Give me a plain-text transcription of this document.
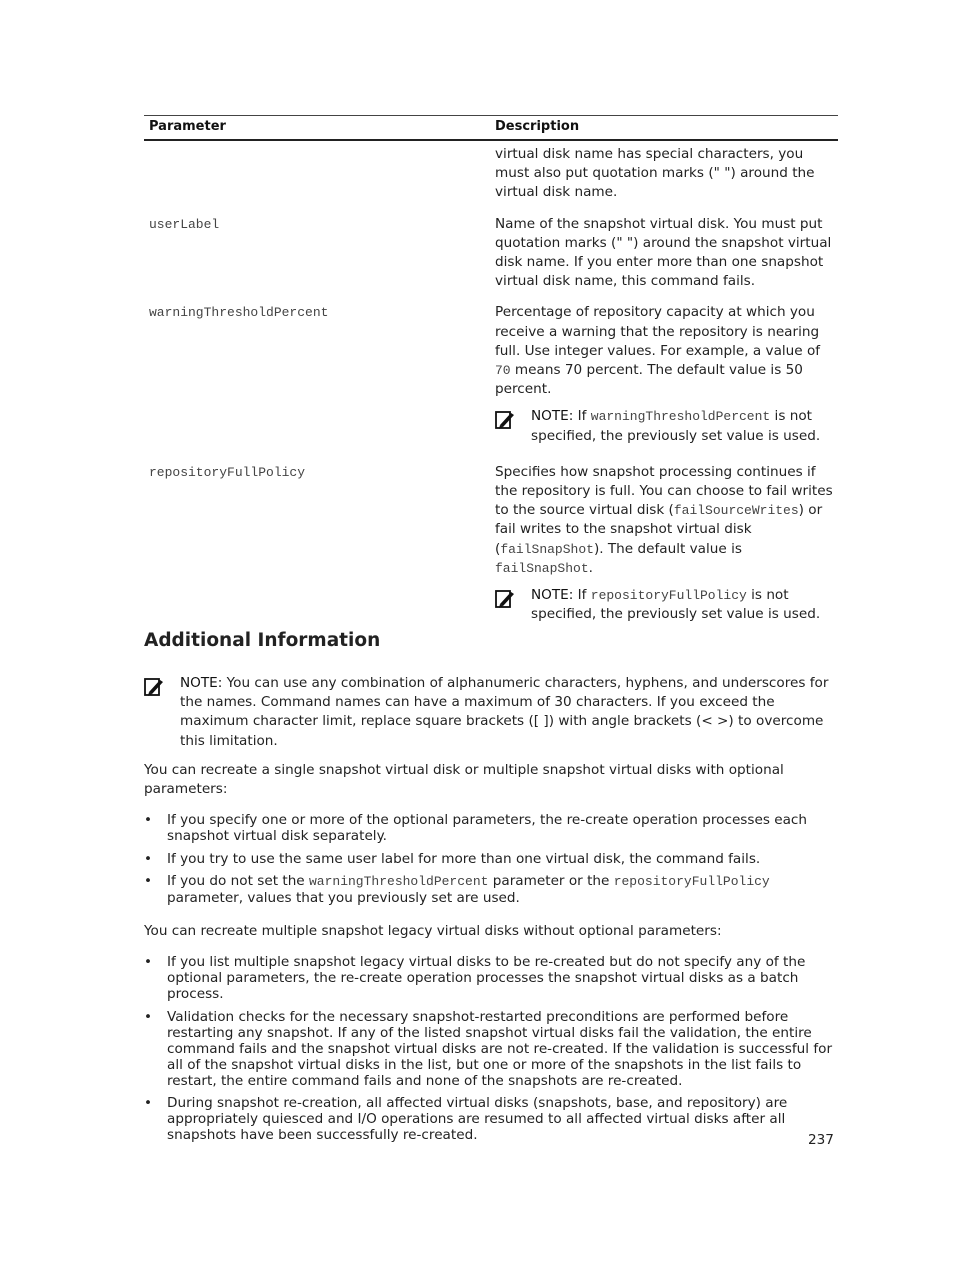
Parameter	Description

	virtual disk name has special characters, you must also put quotation marks (" ") around the virtual disk name.

userLabel	Name of the snapshot virtual disk. You must put quotation marks (" ") around the snapshot virtual disk name. If you enter more than one snapshot virtual disk name, this command fails.

warningThresholdPercent	Percentage of repository capacity at which you receive a warning that the repository is nearing full. Use integer values. For example, a value of 70 means 70 percent. The default value is 50 percent.
NOTE: If warningThresholdPercent is not specified, the previously set value is used.

repositoryFullPolicy	Specifies how snapshot processing continues if the repository is full. You can choose to fail writes to the source virtual disk (failSourceWrites) or fail writes to the snapshot virtual disk (failSnapShot). The default value is failSnapShot.
NOTE: If repositoryFullPolicy is not specified, the previously set value is used.
Additional Information
NOTE: You can use any combination of alphanumeric characters, hyphens, and underscores for the names. Command names can have a maximum of 30 characters. If you exceed the maximum character limit, replace square brackets ([ ]) with angle brackets (< >) to overcome this limitation.

You can recreate a single snapshot virtual disk or multiple snapshot virtual disks with optional parameters:

• If you specify one or more of the optional parameters, the re-create operation processes each snapshot virtual disk separately.
• If you try to use the same user label for more than one virtual disk, the command fails.
• If you do not set the warningThresholdPercent parameter or the repositoryFullPolicy parameter, values that you previously set are used.

You can recreate multiple snapshot legacy virtual disks without optional parameters:

• If you list multiple snapshot legacy virtual disks to be re-created but do not specify any of the optional parameters, the re-create operation processes the snapshot virtual disks as a batch process.
• Validation checks for the necessary snapshot-restarted preconditions are performed before restarting any snapshot. If any of the listed snapshot virtual disks fail the validation, the entire command fails and the snapshot virtual disks are not re-created. If the validation is successful for all of the snapshot virtual disks in the list, but one or more of the snapshots in the list fails to restart, the entire command fails and none of the snapshots are re-created.
• During snapshot re-creation, all affected virtual disks (snapshots, base, and repository) are appropriately quiesced and I/O operations are resumed to all affected virtual disks after all snapshots have been successfully re-created.	237
